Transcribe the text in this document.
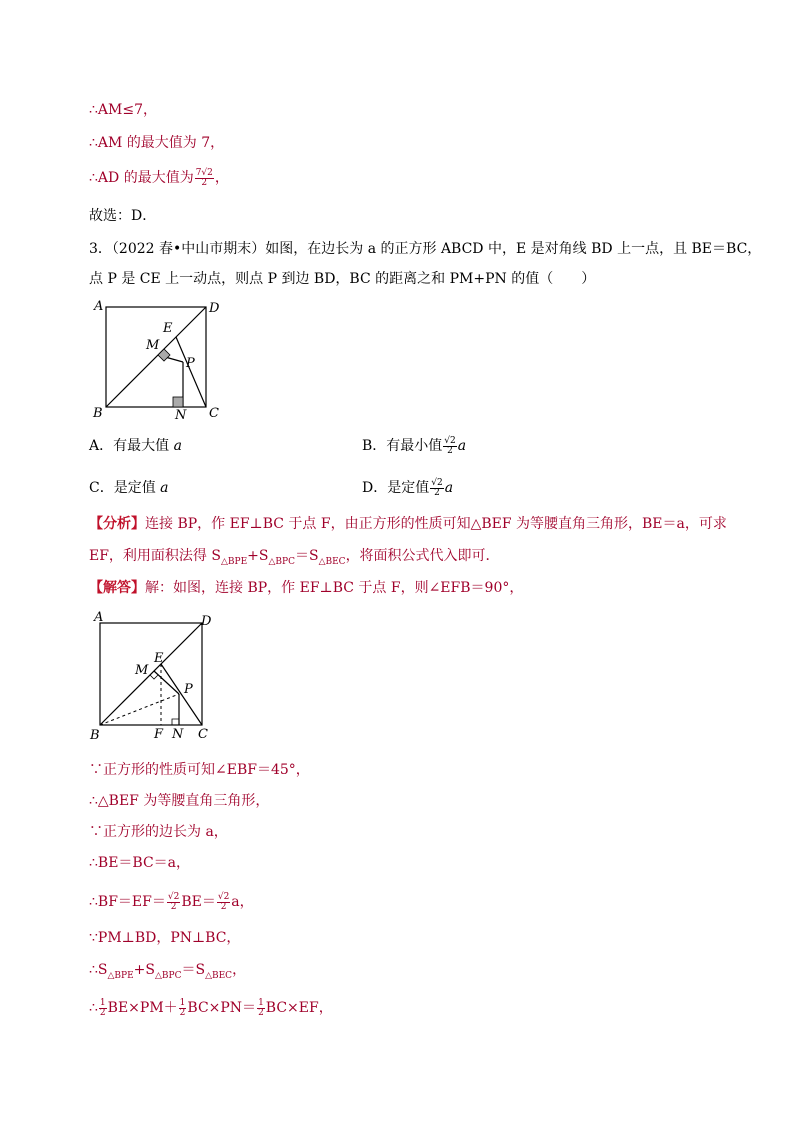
∴AM≤7，
∴AM 的最大值为 7，
∴AD 的最大值为 $\frac{7√2}{2}$ ，
故选：D．
3．（2022 春•中山市期末）如图，在边长为 a 的正方形 ABCD 中，E 是对角线 BD 上一点，且 BE＝BC，
点 P 是 CE 上一动点，则点 P 到边 BD，BC 的距离之和 PM+PN 的值（　　）
A	D
B	C
E
M
P
N
A．有最大值 a	B．有最小值 $\frac{√2}{2}$ a
C．是定值 a	D．是定值 $\frac{√2}{2}$ a
【分析】连接 BP，作 EF⊥BC 于点 F，由正方形的性质可知△BEF 为等腰直角三角形，BE＝a，可求
EF，利用面积法得 $S_{\triangle BPE}+S_{\triangle BPC}=S_{\triangle BEC}$，将面积公式代入即可．
【解答】解：如图，连接 BP，作 EF⊥BC 于点 F，则∠EFB＝90°，
A	D
B	C
E
M
P
N
F
∵正方形的性质可知∠EBF＝45°，
∴△BEF 为等腰直角三角形，
∵正方形的边长为 a，
∴BE＝BC＝a，
∴BF＝EF＝ $\frac{√2}{2} BE= \frac{√2}{2}$ a，
∵PM⊥BD，PN⊥BC，
$\therefore S_{\triangle BPE}+S_{\triangle BPC}=S_{\triangle BEC}$，
∴ $\frac{1}{2} BE\times PM+ \frac{1}{2} BC\times PN= \frac{1}{2} BC\times EF$，
